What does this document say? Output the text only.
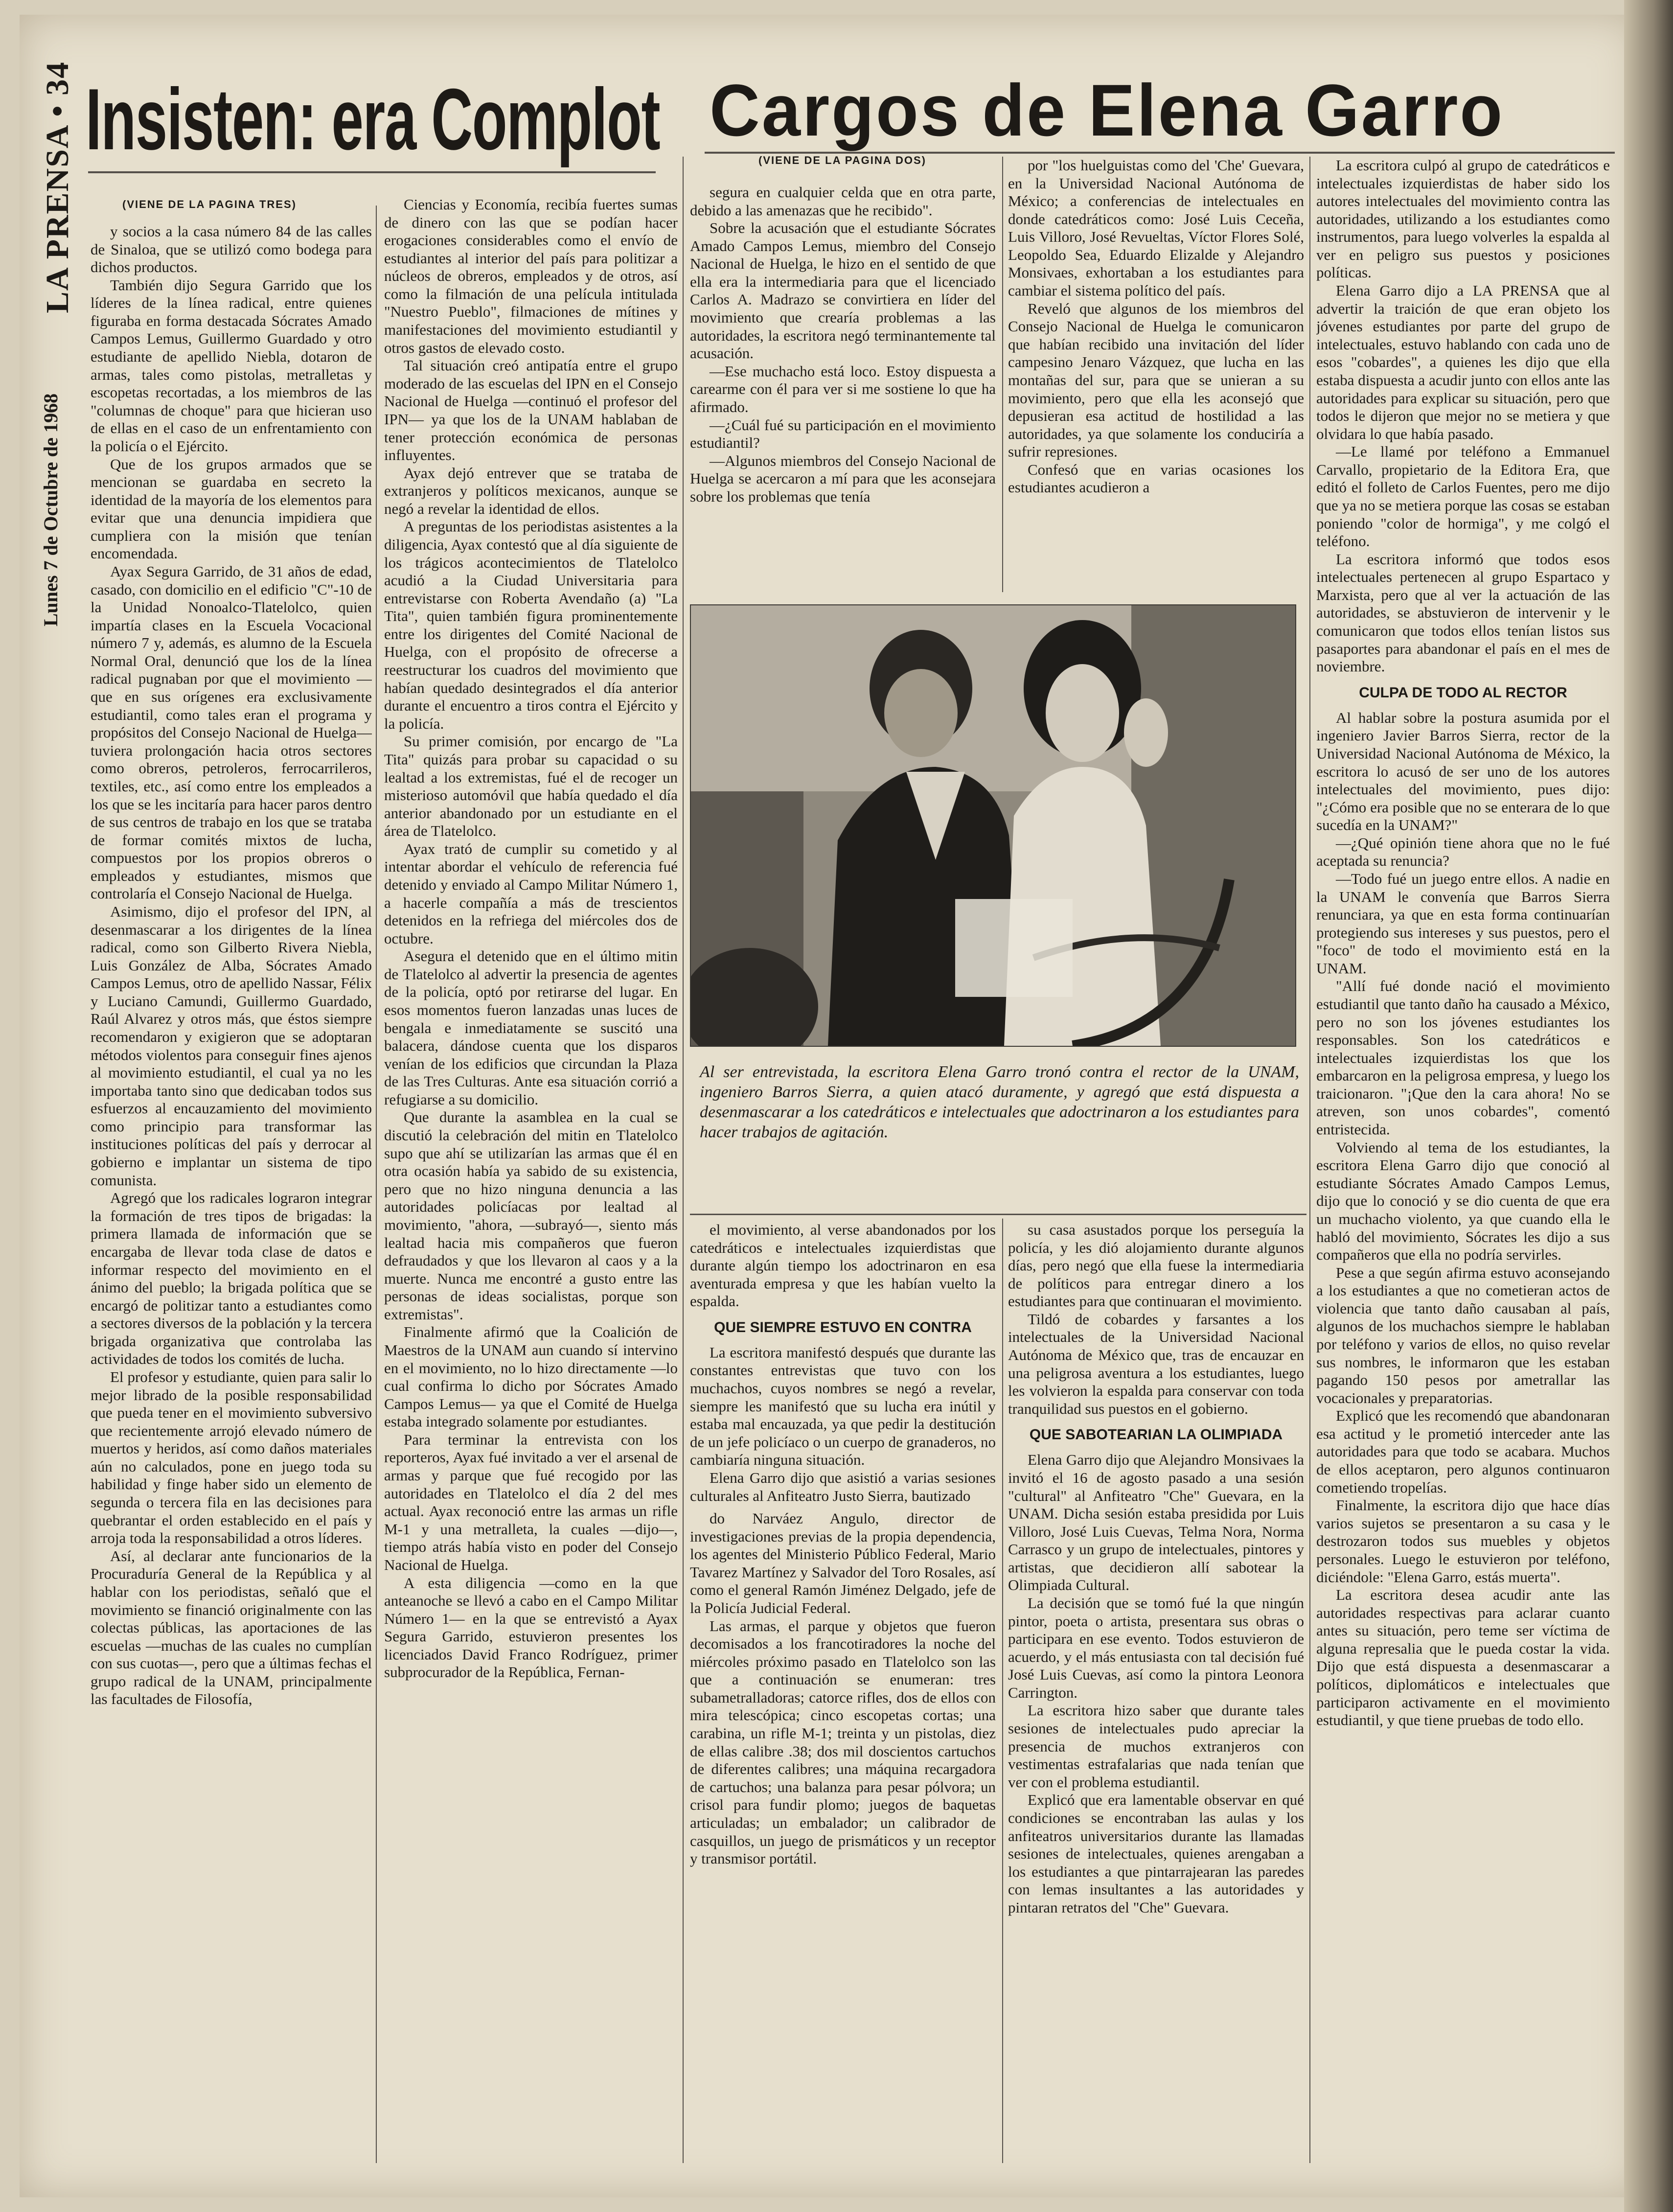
LA PRENSA • 34
Lunes 7 de Octubre de 1968
Insisten: era Complot Cargos de Elena Garro
(VIENE DE LA PAGINA TRES)
(VIENE DE LA PAGINA DOS)

y socios a la casa número 84 de las calles de Sinaloa, que se utilizó como bodega para dichos productos.

También dijo Segura Garrido que los líderes de la línea radical, entre quienes figuraba en forma destacada Sócrates Amado Campos Lemus, Guillermo Guardado y otro estudiante de apellido Niebla, dotaron de armas, tales como pistolas, metralletas y escopetas recortadas, a los miembros de las "columnas de choque" para que hicieran uso de ellas en el caso de un enfrentamiento con la policía o el Ejército.

Que de los grupos armados que se mencionan se guardaba en secreto la identidad de la mayoría de los elementos para evitar que una denuncia impidiera que cumpliera con la misión que tenían encomendada.

Ayax Segura Garrido, de 31 años de edad, casado, con domicilio en el edificio "C"-10 de la Unidad Nonoalco-Tlatelolco, quien impartía clases en la Escuela Vocacional número 7 y, además, es alumno de la Escuela Normal Oral, denunció que los de la línea radical pugnaban por que el movimiento —que en sus orígenes era exclusivamente estudiantil, como tales eran el programa y propósitos del Consejo Nacional de Huelga— tuviera prolongación hacia otros sectores como obreros, petroleros, ferrocarrileros, textiles, etc., así como entre los empleados a los que se les incitaría para hacer paros dentro de sus centros de trabajo en los que se trataba de formar comités mixtos de lucha, compuestos por los propios obreros o empleados y estudiantes, mismos que controlaría el Consejo Nacional de Huelga.

Asimismo, dijo el profesor del IPN, al desenmascarar a los dirigentes de la línea radical, como son Gilberto Rivera Niebla, Luis González de Alba, Sócrates Amado Campos Lemus, otro de apellido Nassar, Félix y Luciano Camundi, Guillermo Guardado, Raúl Alvarez y otros más, que éstos siempre recomendaron y exigieron que se adoptaran métodos violentos para conseguir fines ajenos al movimiento estudiantil, el cual ya no les importaba tanto sino que dedicaban todos sus esfuerzos al encauzamiento del movimiento como principio para transformar las instituciones políticas del país y derrocar al gobierno e implantar un sistema de tipo comunista.

Agregó que los radicales lograron integrar la formación de tres tipos de brigadas: la primera llamada de información que se encargaba de llevar toda clase de datos e informar respecto del movimiento en el ánimo del pueblo; la brigada política que se encargó de politizar tanto a estudiantes como a sectores diversos de la población y la tercera brigada organizativa que controlaba las actividades de todos los comités de lucha.

El profesor y estudiante, quien para salir lo mejor librado de la posible responsabilidad que pueda tener en el movimiento subversivo que recientemente arrojó elevado número de muertos y heridos, así como daños materiales aún no calculados, pone en juego toda su habilidad y finge haber sido un elemento de segunda o tercera fila en las decisiones para quebrantar el orden establecido en el país y arroja toda la responsabilidad a otros líderes.

Así, al declarar ante funcionarios de la Procuraduría General de la República y al hablar con los periodistas, señaló que el movimiento se financió originalmente con las colectas públicas, las aportaciones de las escuelas —muchas de las cuales no cumplían con sus cuotas—, pero que a últimas fechas el grupo radical de la UNAM, principalmente las facultades de Filosofía,

Ciencias y Economía, recibía fuertes sumas de dinero con las que se podían hacer erogaciones considerables como el envío de estudiantes al interior del país para politizar a núcleos de obreros, empleados y de otros, así como la filmación de una película intitulada "Nuestro Pueblo", filmaciones de mítines y manifestaciones del movimiento estudiantil y otros gastos de elevado costo.

Tal situación creó antipatía entre el grupo moderado de las escuelas del IPN en el Consejo Nacional de Huelga —continuó el profesor del IPN— ya que los de la UNAM hablaban de tener protección económica de personas influyentes.

Ayax dejó entrever que se trataba de extranjeros y políticos mexicanos, aunque se negó a revelar la identidad de ellos.

A preguntas de los periodistas asistentes a la diligencia, Ayax contestó que al día siguiente de los trágicos acontecimientos de Tlatelolco acudió a la Ciudad Universitaria para entrevistarse con Roberta Avendaño (a) "La Tita", quien también figura prominentemente entre los dirigentes del Comité Nacional de Huelga, con el propósito de ofrecerse a reestructurar los cuadros del movimiento que habían quedado desintegrados el día anterior durante el encuentro a tiros contra el Ejército y la policía.

Su primer comisión, por encargo de "La Tita" quizás para probar su capacidad o su lealtad a los extremistas, fué el de recoger un misterioso automóvil que había quedado el día anterior abandonado por un estudiante en el área de Tlatelolco.

Ayax trató de cumplir su cometido y al intentar abordar el vehículo de referencia fué detenido y enviado al Campo Militar Número 1, a hacerle compañía a más de trescientos detenidos en la refriega del miércoles dos de octubre.

Asegura el detenido que en el último mitin de Tlatelolco al advertir la presencia de agentes de la policía, optó por retirarse del lugar. En esos momentos fueron lanzadas unas luces de bengala e inmediatamente se suscitó una balacera, dándose cuenta que los disparos venían de los edificios que circundan la Plaza de las Tres Culturas. Ante esa situación corrió a refugiarse a su domicilio.

Que durante la asamblea en la cual se discutió la celebración del mitin en Tlatelolco supo que ahí se utilizarían las armas que él en otra ocasión había ya sabido de su existencia, pero que no hizo ninguna denuncia a las autoridades policíacas por lealtad al movimiento, "ahora, —subrayó—, siento más lealtad hacia mis compañeros que fueron defraudados y que los llevaron al caos y a la muerte. Nunca me encontré a gusto entre las personas de ideas socialistas, porque son extremistas".

Finalmente afirmó que la Coalición de Maestros de la UNAM aun cuando sí intervino en el movimiento, no lo hizo directamente —lo cual confirma lo dicho por Sócrates Amado Campos Lemus— ya que el Comité de Huelga estaba integrado solamente por estudiantes.

Para terminar la entrevista con los reporteros, Ayax fué invitado a ver el arsenal de armas y parque que fué recogido por las autoridades en Tlatelolco el día 2 del mes actual. Ayax reconoció entre las armas un rifle M-1 y una metralleta, la cuales —dijo—, tiempo atrás había visto en poder del Consejo Nacional de Huelga.

A esta diligencia —como en la que anteanoche se llevó a cabo en el Campo Militar Número 1— en la que se entrevistó a Ayax Segura Garrido, estuvieron presentes los licenciados David Franco Rodríguez, primer subprocurador de la República, Fernan-

segura en cualquier celda que en otra parte, debido a las amenazas que he recibido".

Sobre la acusación que el estudiante Sócrates Amado Campos Lemus, miembro del Consejo Nacional de Huelga, le hizo en el sentido de que ella era la intermediaria para que el licenciado Carlos A. Madrazo se convirtiera en líder del movimiento que crearía problemas a las autoridades, la escritora negó terminantemente tal acusación.

—Ese muchacho está loco. Estoy dispuesta a carearme con él para ver si me sostiene lo que ha afirmado.

—¿Cuál fué su participación en el movimiento estudiantil?

—Algunos miembros del Consejo Nacional de Huelga se acercaron a mí para que les aconsejara sobre los problemas que tenía

por "los huelguistas como del 'Che' Guevara, en la Universidad Nacional Autónoma de México; a conferencias de intelectuales en donde catedráticos como: José Luis Ceceña, Luis Villoro, José Revueltas, Víctor Flores Solé, Leopoldo Sea, Eduardo Elizalde y Alejandro Monsivaes, exhortaban a los estudiantes para cambiar el sistema político del país.

Reveló que algunos de los miembros del Consejo Nacional de Huelga le comunicaron que habían recibido una invitación del líder campesino Jenaro Vázquez, que lucha en las montañas del sur, para que se unieran a su movimiento, pero que ella les aconsejó que depusieran esa actitud de hostilidad a las autoridades, ya que solamente los conduciría a sufrir represiones.

Confesó que en varias ocasiones los estudiantes acudieron a

Al ser entrevistada, la escritora Elena Garro tronó contra el rector de la UNAM, ingeniero Barros Sierra, a quien atacó duramente, y agregó que está dispuesta a desenmascarar a los catedráticos e intelectuales que adoctrinaron a los estudiantes para hacer trabajos de agitación.

el movimiento, al verse abandonados por los catedráticos e intelectuales izquierdistas que durante algún tiempo los adoctrinaron en esa aventurada empresa y que les habían vuelto la espalda.

QUE SIEMPRE ESTUVO EN CONTRA

La escritora manifestó después que durante las constantes entrevistas que tuvo con los muchachos, cuyos nombres se negó a revelar, siempre les manifestó que su lucha era inútil y estaba mal encauzada, ya que pedir la destitución de un jefe policíaco o un cuerpo de granaderos, no cambiaría ninguna situación.

Elena Garro dijo que asistió a varias sesiones culturales al Anfiteatro Justo Sierra, bautizado

do Narváez Angulo, director de investigaciones previas de la propia dependencia, los agentes del Ministerio Público Federal, Mario Tavarez Martínez y Salvador del Toro Rosales, así como el general Ramón Jiménez Delgado, jefe de la Policía Judicial Federal.

Las armas, el parque y objetos que fueron decomisados a los francotiradores la noche del miércoles próximo pasado en Tlatelolco son las que a continuación se enumeran: tres subametralladoras; catorce rifles, dos de ellos con mira telescópica; cinco escopetas cortas; una carabina, un rifle M-1; treinta y un pistolas, diez de ellas calibre .38; dos mil doscientos cartuchos de diferentes calibres; una máquina recargadora de cartuchos; una balanza para pesar pólvora; un crisol para fundir plomo; juegos de baquetas articuladas; un embalador; un calibrador de casquillos, un juego de prismáticos y un receptor y transmisor portátil.

su casa asustados porque los perseguía la policía, y les dió alojamiento durante algunos días, pero negó que ella fuese la intermediaria de políticos para entregar dinero a los estudiantes para que continuaran el movimiento.

Tildó de cobardes y farsantes a los intelectuales de la Universidad Nacional Autónoma de México que, tras de encauzar en una peligrosa aventura a los estudiantes, luego les volvieron la espalda para conservar con toda tranquilidad sus puestos en el gobierno.

QUE SABOTEARIAN LA OLIMPIADA

Elena Garro dijo que Alejandro Monsivaes la invitó el 16 de agosto pasado a una sesión "cultural" al Anfiteatro "Che" Guevara, en la UNAM. Dicha sesión estaba presidida por Luis Villoro, José Luis Cuevas, Telma Nora, Norma Carrasco y un grupo de intelectuales, pintores y artistas, que decidieron allí sabotear la Olimpiada Cultural.

La decisión que se tomó fué la que ningún pintor, poeta o artista, presentara sus obras o participara en ese evento. Todos estuvieron de acuerdo, y el más entusiasta con tal decisión fué José Luis Cuevas, así como la pintora Leonora Carrington.

La escritora hizo saber que durante tales sesiones de intelectuales pudo apreciar la presencia de muchos extranjeros con vestimentas estrafalarias que nada tenían que ver con el problema estudiantil.

Explicó que era lamentable observar en qué condiciones se encontraban las aulas y los anfiteatros universitarios durante las llamadas sesiones de intelectuales, quienes arengaban a los estudiantes a que pintarrajearan las paredes con lemas insultantes a las autoridades y pintaran retratos del "Che" Guevara.

La escritora culpó al grupo de catedráticos e intelectuales izquierdistas de haber sido los autores intelectuales del movimiento contra las autoridades, utilizando a los estudiantes como instrumentos, para luego volverles la espalda al ver en peligro sus puestos y posiciones políticas.

Elena Garro dijo a LA PRENSA que al advertir la traición de que eran objeto los jóvenes estudiantes por parte del grupo de intelectuales, estuvo hablando con cada uno de esos "cobardes", a quienes les dijo que ella estaba dispuesta a acudir junto con ellos ante las autoridades para explicar su situación, pero que todos le dijeron que mejor no se metiera y que olvidara lo que había pasado.

—Le llamé por teléfono a Emmanuel Carvallo, propietario de la Editora Era, que editó el folleto de Carlos Fuentes, pero me dijo que ya no se metiera porque las cosas se estaban poniendo "color de hormiga", y me colgó el teléfono.

La escritora informó que todos esos intelectuales pertenecen al grupo Espartaco y Marxista, pero que al ver la actuación de las autoridades, se abstuvieron de intervenir y le comunicaron que todos ellos tenían listos sus pasaportes para abandonar el país en el mes de noviembre.

CULPA DE TODO AL RECTOR

Al hablar sobre la postura asumida por el ingeniero Javier Barros Sierra, rector de la Universidad Nacional Autónoma de México, la escritora lo acusó de ser uno de los autores intelectuales del movimiento, pues dijo: "¿Cómo era posible que no se enterara de lo que sucedía en la UNAM?"

—¿Qué opinión tiene ahora que no le fué aceptada su renuncia?

—Todo fué un juego entre ellos. A nadie en la UNAM le convenía que Barros Sierra renunciara, ya que en esta forma continuarían protegiendo sus intereses y sus puestos, pero el "foco" de todo el movimiento está en la UNAM.

"Allí fué donde nació el movimiento estudiantil que tanto daño ha causado a México, pero no son los jóvenes estudiantes los responsables. Son los catedráticos e intelectuales izquierdistas los que los embarcaron en la peligrosa empresa, y luego los traicionaron. "¡Que den la cara ahora! No se atreven, son unos cobardes", comentó entristecida.

Volviendo al tema de los estudiantes, la escritora Elena Garro dijo que conoció al estudiante Sócrates Amado Campos Lemus, dijo que lo conoció y se dio cuenta de que era un muchacho violento, ya que cuando ella le habló del movimiento, Sócrates les dijo a sus compañeros que ella no podría servirles.

Pese a que según afirma estuvo aconsejando a los estudiantes a que no cometieran actos de violencia que tanto daño causaban al país, algunos de los muchachos siempre le hablaban por teléfono y varios de ellos, no quiso revelar sus nombres, le informaron que les estaban pagando 150 pesos por ametrallar las vocacionales y preparatorias.

Explicó que les recomendó que abandonaran esa actitud y le prometió interceder ante las autoridades para que todo se acabara. Muchos de ellos aceptaron, pero algunos continuaron cometiendo tropelías.

Finalmente, la escritora dijo que hace días varios sujetos se presentaron a su casa y le destrozaron todos sus muebles y objetos personales. Luego le estuvieron por teléfono, diciéndole: "Elena Garro, estás muerta".

La escritora desea acudir ante las autoridades respectivas para aclarar cuanto antes su situación, pero teme ser víctima de alguna represalia que le pueda costar la vida. Dijo que está dispuesta a desenmascarar a políticos, diplomáticos e intelectuales que participaron activamente en el movimiento estudiantil, y que tiene pruebas de todo ello.
